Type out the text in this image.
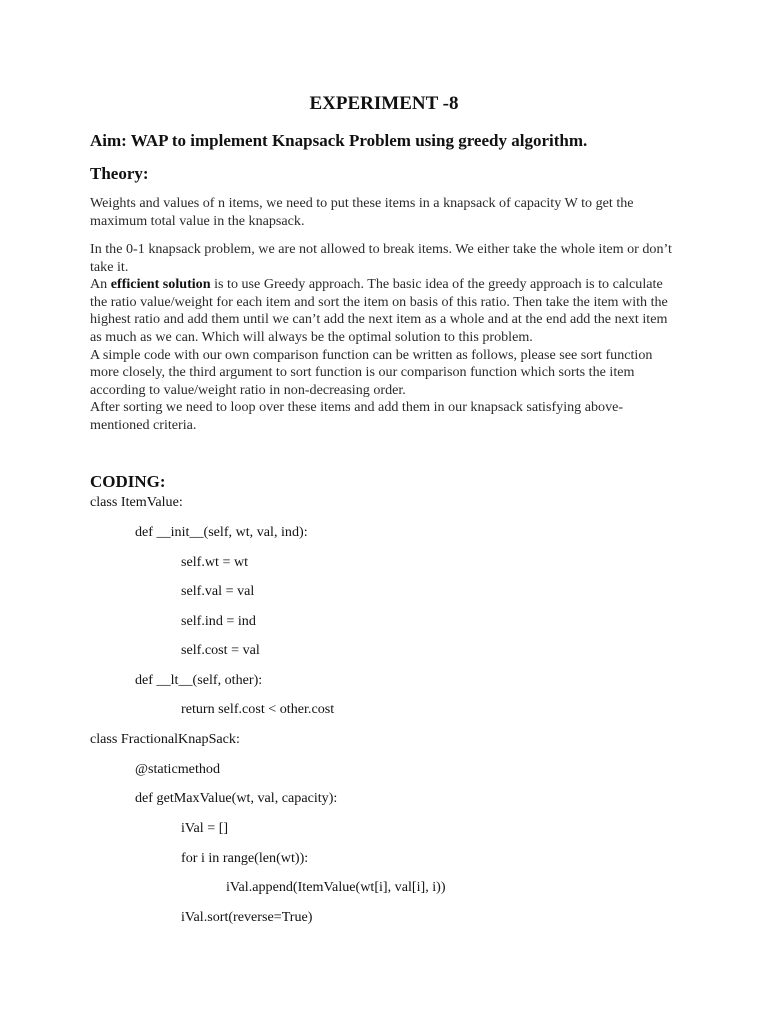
EXPERIMENT -8
Aim: WAP to implement Knapsack Problem using greedy algorithm.
Theory:
Weights and values of n items, we need to put these items in a knapsack of capacity W to get the maximum total value in the knapsack.
In the 0-1 knapsack problem, we are not allowed to break items. We either take the whole item or don’t take it.
An efficient solution is to use Greedy approach. The basic idea of the greedy approach is to calculate the ratio value/weight for each item and sort the item on basis of this ratio. Then take the item with the highest ratio and add them until we can’t add the next item as a whole and at the end add the next item as much as we can. Which will always be the optimal solution to this problem.
A simple code with our own comparison function can be written as follows, please see sort function more closely, the third argument to sort function is our comparison function which sorts the item according to value/weight ratio in non-decreasing order.
After sorting we need to loop over these items and add them in our knapsack satisfying above-mentioned criteria.
CODING:
class ItemValue:
def __init__(self, wt, val, ind):
self.wt = wt
self.val = val
self.ind = ind
self.cost = val
def __lt__(self, other):
return self.cost < other.cost
class FractionalKnapSack:
@staticmethod
def getMaxValue(wt, val, capacity):
iVal = []
for i in range(len(wt)):
iVal.append(ItemValue(wt[i], val[i], i))
iVal.sort(reverse=True)
